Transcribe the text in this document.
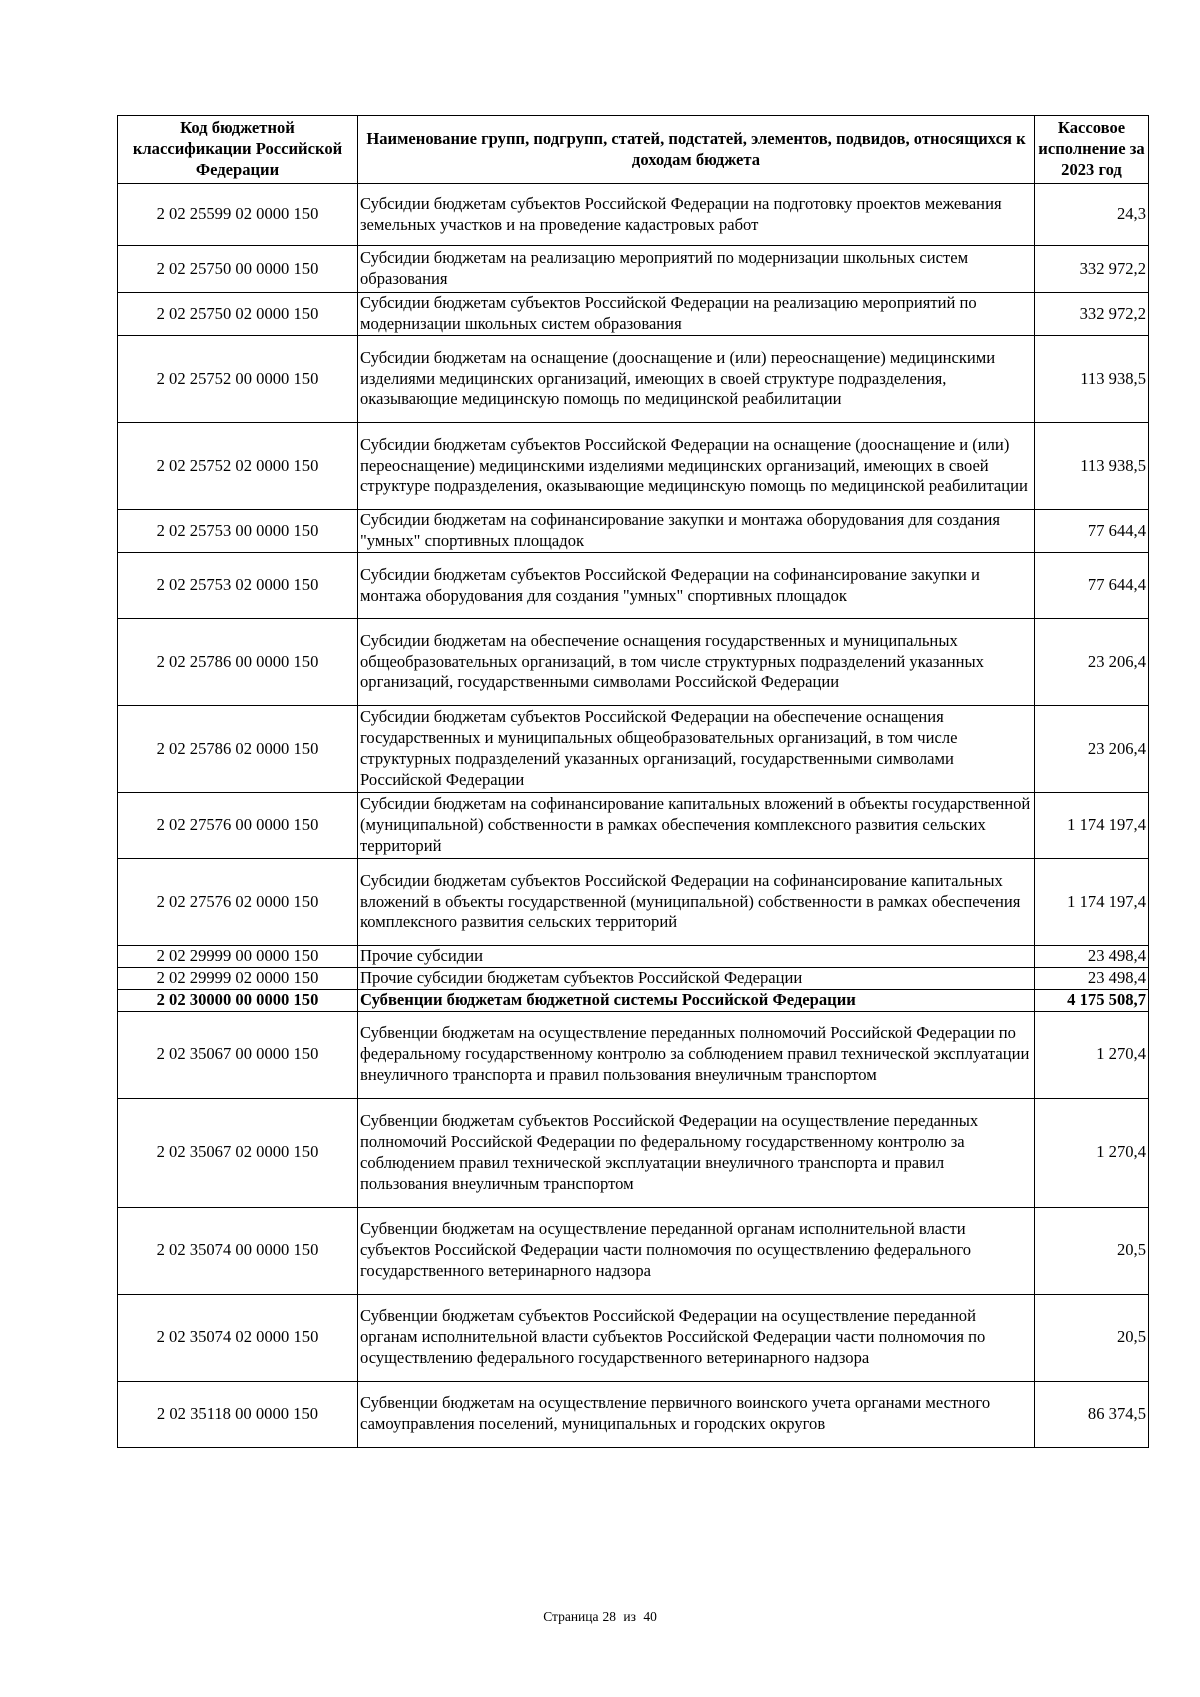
Код бюджетной классификации Российской Федерации	Наименование групп, подгрупп, статей, подстатей, элементов, подвидов, относящихся к доходам бюджета	Кассовое исполнение за 2023 год
2 02 25599 02 0000 150	Субсидии бюджетам субъектов Российской Федерации на подготовку проектов межевания земельных участков и на проведение кадастровых работ	24,3
2 02 25750 00 0000 150	Субсидии бюджетам на реализацию мероприятий по модернизации школьных систем образования	332 972,2
2 02 25750 02 0000 150	Субсидии бюджетам субъектов Российской Федерации на реализацию мероприятий по модернизации школьных систем образования	332 972,2
2 02 25752 00 0000 150	Субсидии бюджетам на оснащение (дооснащение и (или) переоснащение) медицинскими изделиями медицинских организаций, имеющих в своей структуре подразделения, оказывающие медицинскую помощь по медицинской реабилитации	113 938,5
2 02 25752 02 0000 150	Субсидии бюджетам субъектов Российской Федерации на оснащение (дооснащение и (или) переоснащение) медицинскими изделиями медицинских организаций, имеющих в своей структуре подразделения, оказывающие медицинскую помощь по медицинской реабилитации	113 938,5
2 02 25753 00 0000 150	Субсидии бюджетам на софинансирование закупки и монтажа оборудования для создания "умных" спортивных площадок	77 644,4
2 02 25753 02 0000 150	Субсидии бюджетам субъектов Российской Федерации на софинансирование закупки и монтажа оборудования для создания "умных" спортивных площадок	77 644,4
2 02 25786 00 0000 150	Субсидии бюджетам на обеспечение оснащения государственных и муниципальных общеобразовательных организаций, в том числе структурных подразделений указанных организаций, государственными символами Российской Федерации	23 206,4
2 02 25786 02 0000 150	Субсидии бюджетам субъектов Российской Федерации на обеспечение оснащения государственных и муниципальных общеобразовательных организаций, в том числе структурных подразделений указанных организаций, государственными символами Российской Федерации	23 206,4
2 02 27576 00 0000 150	Субсидии бюджетам на софинансирование капитальных вложений в объекты государственной (муниципальной) собственности в рамках обеспечения комплексного развития сельских территорий	1 174 197,4
2 02 27576 02 0000 150	Субсидии бюджетам субъектов Российской Федерации на софинансирование капитальных вложений в объекты государственной (муниципальной) собственности в рамках обеспечения комплексного развития сельских территорий	1 174 197,4
2 02 29999 00 0000 150	Прочие субсидии	23 498,4
2 02 29999 02 0000 150	Прочие субсидии бюджетам субъектов Российской Федерации	23 498,4
2 02 30000 00 0000 150	Субвенции бюджетам бюджетной системы Российской Федерации	4 175 508,7
2 02 35067 00 0000 150	Субвенции бюджетам на осуществление переданных полномочий Российской Федерации по федеральному государственному контролю за соблюдением правил технической эксплуатации внеуличного транспорта и правил пользования внеуличным транспортом	1 270,4
2 02 35067 02 0000 150	Субвенции бюджетам субъектов Российской Федерации на осуществление переданных полномочий Российской Федерации по федеральному государственному контролю за соблюдением правил технической эксплуатации внеуличного транспорта и правил пользования внеуличным транспортом	1 270,4
2 02 35074 00 0000 150	Субвенции бюджетам на осуществление переданной органам исполнительной власти субъектов Российской Федерации части полномочия по осуществлению федерального государственного ветеринарного надзора	20,5
2 02 35074 02 0000 150	Субвенции бюджетам субъектов Российской Федерации на осуществление переданной органам исполнительной власти субъектов Российской Федерации части полномочия по осуществлению федерального государственного ветеринарного надзора	20,5
2 02 35118 00 0000 150	Субвенции бюджетам на осуществление первичного воинского учета органами местного самоуправления поселений, муниципальных и городских округов	86 374,5
Страница 28 из 40
